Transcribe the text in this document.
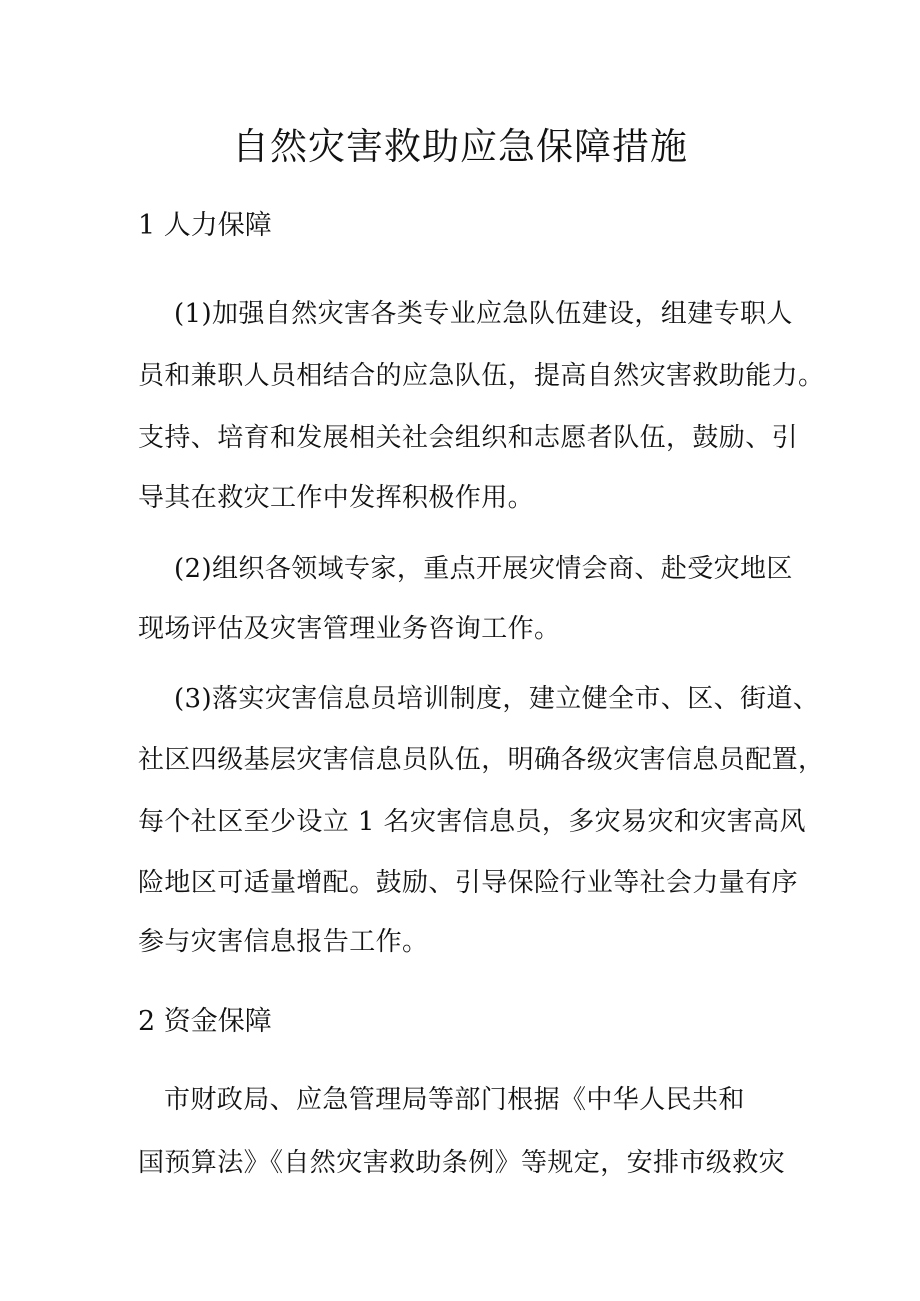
自然灾害救助应急保障措施
1 人力保障
(1)加强自然灾害各类专业应急队伍建设，组建专职人
员和兼职人员相结合的应急队伍，提高自然灾害救助能力。
支持、培育和发展相关社会组织和志愿者队伍，鼓励、引
导其在救灾工作中发挥积极作用。
(2)组织各领域专家，重点开展灾情会商、赴受灾地区
现场评估及灾害管理业务咨询工作。
(3)落实灾害信息员培训制度，建立健全市、区、街道、
社区四级基层灾害信息员队伍，明确各级灾害信息员配置，
每个社区至少设立 1 名灾害信息员，多灾易灾和灾害高风
险地区可适量增配。鼓励、引导保险行业等社会力量有序
参与灾害信息报告工作。
2 资金保障
市财政局、应急管理局等部门根据《中华人民共和
国预算法》《自然灾害救助条例》等规定，安排市级救灾
